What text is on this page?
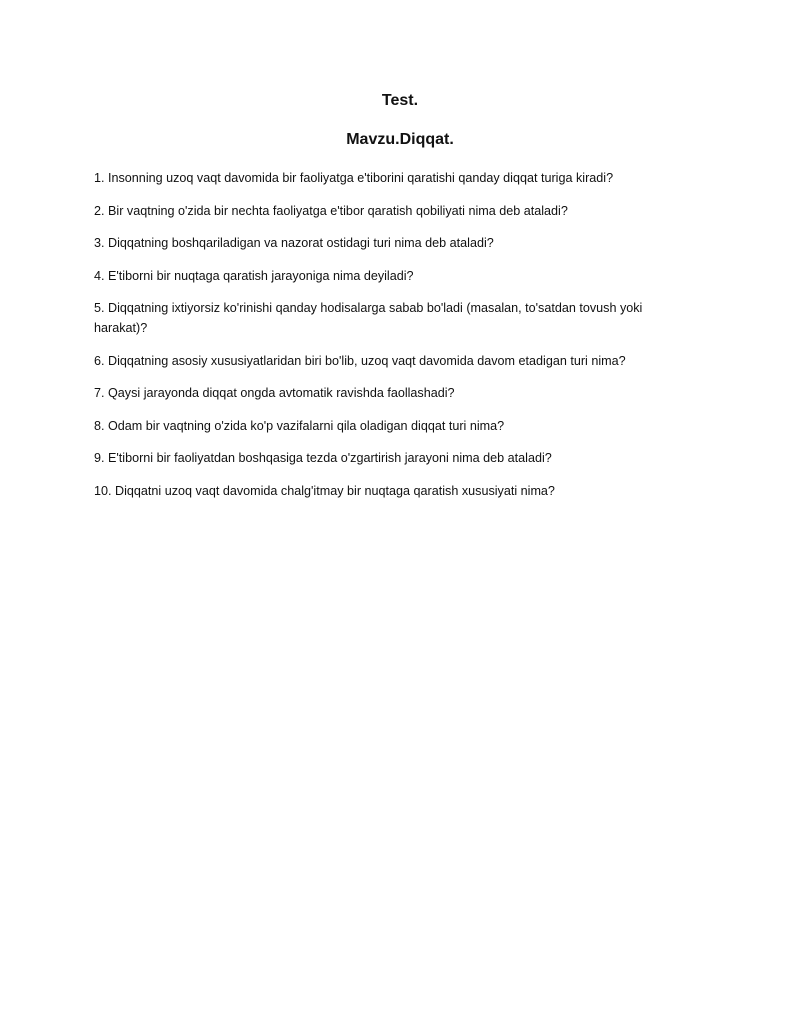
Test.
Mavzu.Diqqat.
1. Insonning uzoq vaqt davomida bir faoliyatga e'tiborini qaratishi qanday diqqat turiga kiradi?
2. Bir vaqtning o'zida bir nechta faoliyatga e'tibor qaratish qobiliyati nima deb ataladi?
3. Diqqatning boshqariladigan va nazorat ostidagi turi nima deb ataladi?
4. E'tiborni bir nuqtaga qaratish jarayoniga nima deyiladi?
5. Diqqatning ixtiyorsiz ko'rinishi qanday hodisalarga sabab bo'ladi (masalan, to'satdan tovush yoki harakat)?
6. Diqqatning asosiy xususiyatlaridan biri bo'lib, uzoq vaqt davomida davom etadigan turi nima?
7. Qaysi jarayonda diqqat ongda avtomatik ravishda faollashadi?
8. Odam bir vaqtning o'zida ko'p vazifalarni qila oladigan diqqat turi nima?
9. E'tiborni bir faoliyatdan boshqasiga tezda o'zgartirish jarayoni nima deb ataladi?
10. Diqqatni uzoq vaqt davomida chalg'itmay bir nuqtaga qaratish xususiyati nima?
